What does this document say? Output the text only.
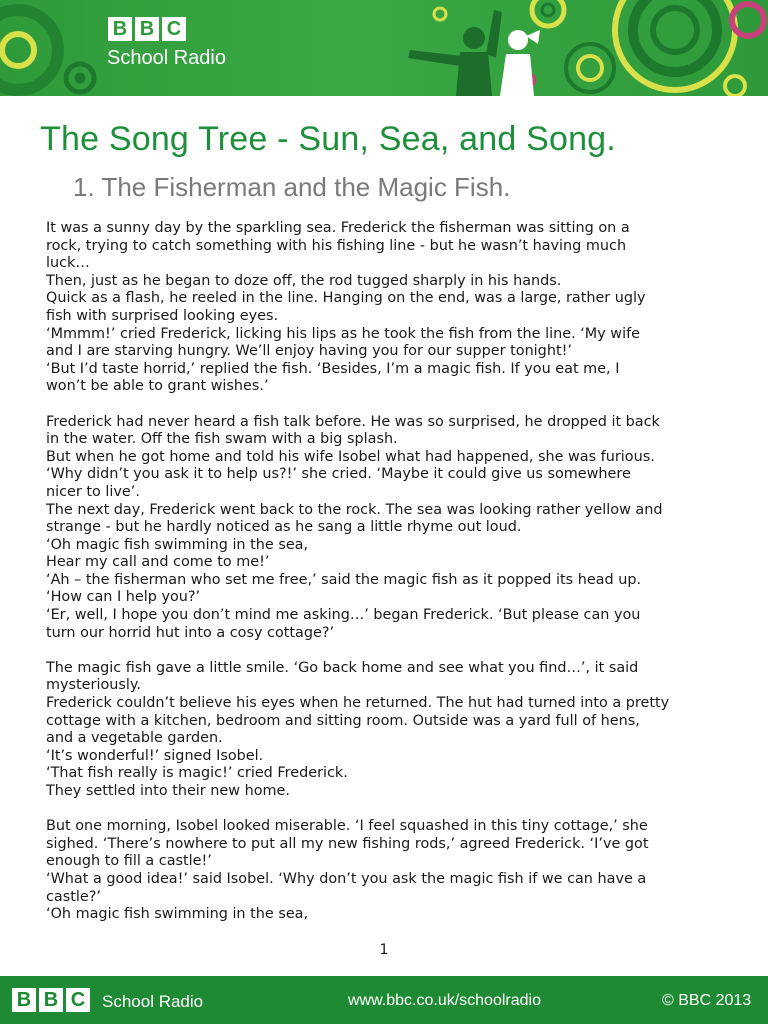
B B C
School Radio
The Song Tree - Sun, Sea, and Song.
1. The Fisherman and the Magic Fish.
It was a sunny day by the sparkling sea. Frederick the fisherman was sitting on a
rock, trying to catch something with his fishing line - but he wasn’t having much
luck…
Then, just as he began to doze off, the rod tugged sharply in his hands.
Quick as a flash, he reeled in the line. Hanging on the end, was a large, rather ugly
fish with surprised looking eyes.
‘Mmmm!’ cried Frederick, licking his lips as he took the fish from the line. ‘My wife
and I are starving hungry. We’ll enjoy having you for our supper tonight!’
‘But I’d taste horrid,’ replied the fish. ‘Besides, I’m a magic fish. If you eat me, I
won’t be able to grant wishes.’
Frederick had never heard a fish talk before. He was so surprised, he dropped it back
in the water. Off the fish swam with a big splash.
But when he got home and told his wife Isobel what had happened, she was furious.
‘Why didn’t you ask it to help us?!’ she cried. ‘Maybe it could give us somewhere
nicer to live’.
The next day, Frederick went back to the rock. The sea was looking rather yellow and
strange - but he hardly noticed as he sang a little rhyme out loud.
‘Oh magic fish swimming in the sea,
Hear my call and come to me!’
‘Ah – the fisherman who set me free,’ said the magic fish as it popped its head up.
‘How can I help you?’
‘Er, well, I hope you don’t mind me asking…’ began Frederick. ‘But please can you
turn our horrid hut into a cosy cottage?’
The magic fish gave a little smile. ‘Go back home and see what you find…’, it said
mysteriously.
Frederick couldn’t believe his eyes when he returned. The hut had turned into a pretty
cottage with a kitchen, bedroom and sitting room. Outside was a yard full of hens,
and a vegetable garden.
‘It’s wonderful!’ signed Isobel.
‘That fish really is magic!’ cried Frederick.
They settled into their new home.
But one morning, Isobel looked miserable. ‘I feel squashed in this tiny cottage,’ she
sighed. ‘There’s nowhere to put all my new fishing rods,’ agreed Frederick. ‘I’ve got
enough to fill a castle!’
‘What a good idea!’ said Isobel. ‘Why don’t you ask the magic fish if we can have a
castle?’
‘Oh magic fish swimming in the sea,
1
B B C School Radio	www.bbc.co.uk/schoolradio	© BBC 2013
